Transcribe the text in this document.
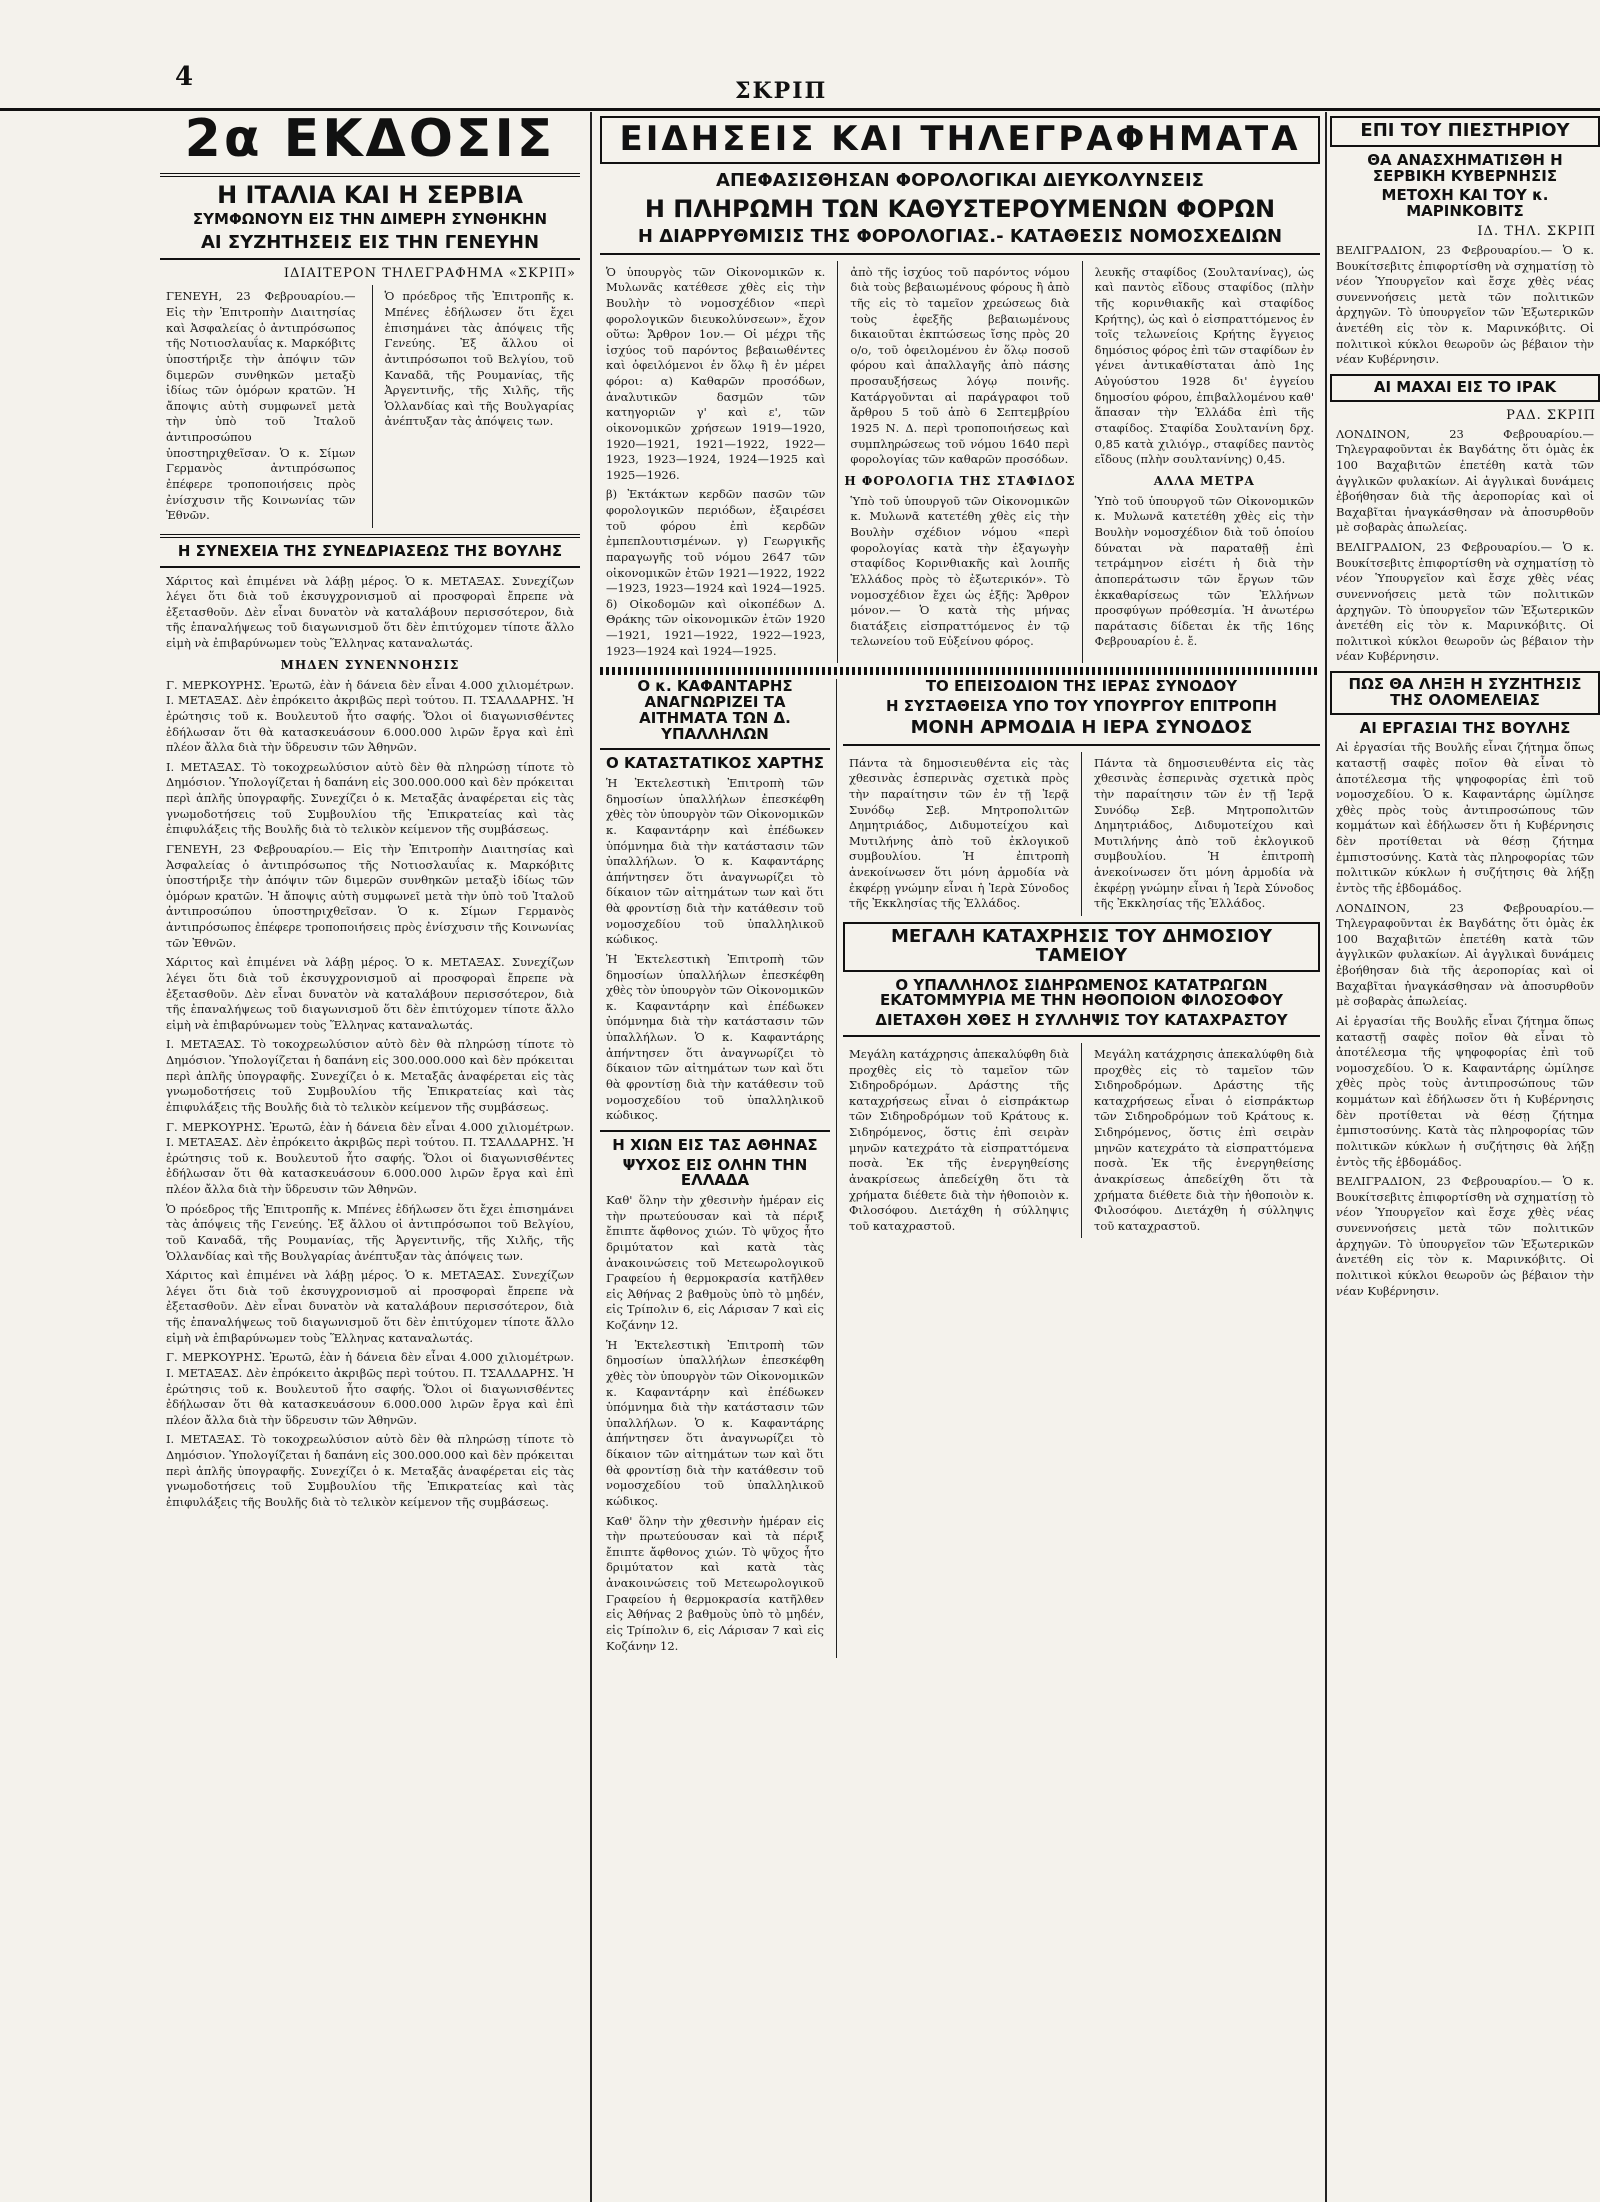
4	ΣΚΡΙΠ
2α ΕΚΔΟΣΙΣ
Η ΙΤΑΛΙΑ ΚΑΙ Η ΣΕΡΒΙΑ
ΣΥΜΦΩΝΟΥΝ ΕΙΣ ΤΗΝ ΔΙΜΕΡΗ ΣΥΝΘΗΚΗΝ
ΑΙ ΣΥΖΗΤΗΣΕΙΣ ΕΙΣ ΤΗΝ ΓΕΝΕΥΗΝ
ΙΔΙΑΙΤΕΡΟΝ ΤΗΛΕΓΡΑΦΗΜΑ «ΣΚΡΙΠ»

ΓΕΝΕΥΗ, 23 Φεβρουαρίου.— Εἰς τὴν Ἐπιτροπὴν Διαιτησίας καὶ Ἀσφαλείας ὁ ἀντιπρόσωπος τῆς Νοτιοσλαυΐας κ. Μαρκόβιτς ὑποστήριξε τὴν ἀπόψιν τῶν διμερῶν συνθηκῶν μεταξὺ ἰδίως τῶν ὁμόρων κρατῶν. Ἡ ἄποψις αὐτὴ συμφωνεῖ μετὰ τὴν ὑπὸ τοῦ Ἰταλοῦ ἀντιπροσώπου ὑποστηριχθεῖσαν. Ὁ κ. Σίμων Γερμανὸς ἀντιπρόσωπος ἐπέφερε τροποποιήσεις πρὸς ἐνίσχυσιν τῆς Κοινωνίας τῶν Ἐθνῶν.

Ὁ πρόεδρος τῆς Ἐπιτροπῆς κ. Μπένες ἐδήλωσεν ὅτι ἔχει ἐπισημάνει τὰς ἀπόψεις τῆς Γενεύης. Ἐξ ἄλλου οἱ ἀντιπρόσωποι τοῦ Βελγίου, τοῦ Καναδᾶ, τῆς Ρουμανίας, τῆς Ἀργεντινῆς, τῆς Χιλῆς, τῆς Ὁλλανδίας καὶ τῆς Βουλγαρίας ἀνέπτυξαν τὰς ἀπόψεις των.

Η ΣΥΝΕΧΕΙΑ ΤΗΣ ΣΥΝΕΔΡΙΑΣΕΩΣ ΤΗΣ ΒΟΥΛΗΣ

Χάριτος καὶ ἐπιμένει νὰ λάβῃ μέρος. Ὁ κ. ΜΕΤΑΞΑΣ. Συνεχίζων λέγει ὅτι διὰ τοῦ ἐκσυγχρονισμοῦ αἱ προσφοραὶ ἔπρεπε νὰ ἐξετασθοῦν. Δὲν εἶναι δυνατὸν νὰ καταλάβουν περισσότερον, διὰ τῆς ἐπαναλήψεως τοῦ διαγωνισμοῦ ὅτι δὲν ἐπιτύχομεν τίποτε ἄλλο εἰμὴ νὰ ἐπιβαρύνωμεν τοὺς Ἕλληνας καταναλωτάς.

ΜΗΔΕΝ ΣΥΝΕΝΝΟΗΣΙΣ

Γ. ΜΕΡΚΟΥΡΗΣ. Ἐρωτῶ, ἐὰν ἡ δάνεια δὲν εἶναι 4.000 χιλιομέτρων. Ι. ΜΕΤΑΞΑΣ. Δὲν ἐπρόκειτο ἀκριβῶς περὶ τούτου. Π. ΤΣΑΛΔΑΡΗΣ. Ἡ ἐρώτησις τοῦ κ. Βουλευτοῦ ἦτο σαφής. Ὅλοι οἱ διαγωνισθέντες ἐδήλωσαν ὅτι θὰ κατασκευάσουν 6.000.000 λιρῶν ἔργα καὶ ἐπὶ πλέον ἄλλα διὰ τὴν ὕδρευσιν τῶν Ἀθηνῶν.

Ι. ΜΕΤΑΞΑΣ. Τὸ τοκοχρεωλύσιον αὐτὸ δὲν θὰ πληρώσῃ τίποτε τὸ Δημόσιον. Ὑπολογίζεται ἡ δαπάνη εἰς 300.000.000 καὶ δὲν πρόκειται περὶ ἀπλῆς ὑπογραφῆς. Συνεχίζει ὁ κ. Μεταξᾶς ἀναφέρεται εἰς τὰς γνωμοδοτήσεις τοῦ Συμβουλίου τῆς Ἐπικρατείας καὶ τὰς ἐπιφυλάξεις τῆς Βουλῆς διὰ τὸ τελικὸν κείμενον τῆς συμβάσεως.

ΓΕΝΕΥΗ, 23 Φεβρουαρίου.— Εἰς τὴν Ἐπιτροπὴν Διαιτησίας καὶ Ἀσφαλείας ὁ ἀντιπρόσωπος τῆς Νοτιοσλαυΐας κ. Μαρκόβιτς ὑποστήριξε τὴν ἀπόψιν τῶν διμερῶν συνθηκῶν μεταξὺ ἰδίως τῶν ὁμόρων κρατῶν. Ἡ ἄποψις αὐτὴ συμφωνεῖ μετὰ τὴν ὑπὸ τοῦ Ἰταλοῦ ἀντιπροσώπου ὑποστηριχθεῖσαν. Ὁ κ. Σίμων Γερμανὸς ἀντιπρόσωπος ἐπέφερε τροποποιήσεις πρὸς ἐνίσχυσιν τῆς Κοινωνίας τῶν Ἐθνῶν.

Χάριτος καὶ ἐπιμένει νὰ λάβῃ μέρος. Ὁ κ. ΜΕΤΑΞΑΣ. Συνεχίζων λέγει ὅτι διὰ τοῦ ἐκσυγχρονισμοῦ αἱ προσφοραὶ ἔπρεπε νὰ ἐξετασθοῦν. Δὲν εἶναι δυνατὸν νὰ καταλάβουν περισσότερον, διὰ τῆς ἐπαναλήψεως τοῦ διαγωνισμοῦ ὅτι δὲν ἐπιτύχομεν τίποτε ἄλλο εἰμὴ νὰ ἐπιβαρύνωμεν τοὺς Ἕλληνας καταναλωτάς.

Ι. ΜΕΤΑΞΑΣ. Τὸ τοκοχρεωλύσιον αὐτὸ δὲν θὰ πληρώσῃ τίποτε τὸ Δημόσιον. Ὑπολογίζεται ἡ δαπάνη εἰς 300.000.000 καὶ δὲν πρόκειται περὶ ἀπλῆς ὑπογραφῆς. Συνεχίζει ὁ κ. Μεταξᾶς ἀναφέρεται εἰς τὰς γνωμοδοτήσεις τοῦ Συμβουλίου τῆς Ἐπικρατείας καὶ τὰς ἐπιφυλάξεις τῆς Βουλῆς διὰ τὸ τελικὸν κείμενον τῆς συμβάσεως.

Γ. ΜΕΡΚΟΥΡΗΣ. Ἐρωτῶ, ἐὰν ἡ δάνεια δὲν εἶναι 4.000 χιλιομέτρων. Ι. ΜΕΤΑΞΑΣ. Δὲν ἐπρόκειτο ἀκριβῶς περὶ τούτου. Π. ΤΣΑΛΔΑΡΗΣ. Ἡ ἐρώτησις τοῦ κ. Βουλευτοῦ ἦτο σαφής. Ὅλοι οἱ διαγωνισθέντες ἐδήλωσαν ὅτι θὰ κατασκευάσουν 6.000.000 λιρῶν ἔργα καὶ ἐπὶ πλέον ἄλλα διὰ τὴν ὕδρευσιν τῶν Ἀθηνῶν.

Ὁ πρόεδρος τῆς Ἐπιτροπῆς κ. Μπένες ἐδήλωσεν ὅτι ἔχει ἐπισημάνει τὰς ἀπόψεις τῆς Γενεύης. Ἐξ ἄλλου οἱ ἀντιπρόσωποι τοῦ Βελγίου, τοῦ Καναδᾶ, τῆς Ρουμανίας, τῆς Ἀργεντινῆς, τῆς Χιλῆς, τῆς Ὁλλανδίας καὶ τῆς Βουλγαρίας ἀνέπτυξαν τὰς ἀπόψεις των.

Χάριτος καὶ ἐπιμένει νὰ λάβῃ μέρος. Ὁ κ. ΜΕΤΑΞΑΣ. Συνεχίζων λέγει ὅτι διὰ τοῦ ἐκσυγχρονισμοῦ αἱ προσφοραὶ ἔπρεπε νὰ ἐξετασθοῦν. Δὲν εἶναι δυνατὸν νὰ καταλάβουν περισσότερον, διὰ τῆς ἐπαναλήψεως τοῦ διαγωνισμοῦ ὅτι δὲν ἐπιτύχομεν τίποτε ἄλλο εἰμὴ νὰ ἐπιβαρύνωμεν τοὺς Ἕλληνας καταναλωτάς.

Γ. ΜΕΡΚΟΥΡΗΣ. Ἐρωτῶ, ἐὰν ἡ δάνεια δὲν εἶναι 4.000 χιλιομέτρων. Ι. ΜΕΤΑΞΑΣ. Δὲν ἐπρόκειτο ἀκριβῶς περὶ τούτου. Π. ΤΣΑΛΔΑΡΗΣ. Ἡ ἐρώτησις τοῦ κ. Βουλευτοῦ ἦτο σαφής. Ὅλοι οἱ διαγωνισθέντες ἐδήλωσαν ὅτι θὰ κατασκευάσουν 6.000.000 λιρῶν ἔργα καὶ ἐπὶ πλέον ἄλλα διὰ τὴν ὕδρευσιν τῶν Ἀθηνῶν.

Ι. ΜΕΤΑΞΑΣ. Τὸ τοκοχρεωλύσιον αὐτὸ δὲν θὰ πληρώσῃ τίποτε τὸ Δημόσιον. Ὑπολογίζεται ἡ δαπάνη εἰς 300.000.000 καὶ δὲν πρόκειται περὶ ἀπλῆς ὑπογραφῆς. Συνεχίζει ὁ κ. Μεταξᾶς ἀναφέρεται εἰς τὰς γνωμοδοτήσεις τοῦ Συμβουλίου τῆς Ἐπικρατείας καὶ τὰς ἐπιφυλάξεις τῆς Βουλῆς διὰ τὸ τελικὸν κείμενον τῆς συμβάσεως.

ΕΙΔΗΣΕΙΣ ΚΑΙ ΤΗΛΕΓΡΑΦΗΜΑΤΑ
ΑΠΕΦΑΣΙΣΘΗΣΑΝ ΦΟΡΟΛΟΓΙΚΑΙ ΔΙΕΥΚΟΛΥΝΣΕΙΣ
Η ΠΛΗΡΩΜΗ ΤΩΝ ΚΑΘΥΣΤΕΡΟΥΜΕΝΩΝ ΦΟΡΩΝ
Η ΔΙΑΡΡΥΘΜΙΣΙΣ ΤΗΣ ΦΟΡΟΛΟΓΙΑΣ.- ΚΑΤΑΘΕΣΙΣ ΝΟΜΟΣΧΕΔΙΩΝ

Ὁ ὑπουργὸς τῶν Οἰκονομικῶν κ. Μυλωνᾶς κατέθεσε χθὲς εἰς τὴν Βουλὴν τὸ νομοσχέδιον «περὶ φορολογικῶν διευκολύνσεων», ἔχον οὕτω: Ἄρθρον 1ον.— Οἱ μέχρι τῆς ἰσχύος τοῦ παρόντος βεβαιωθέντες καὶ ὀφειλόμενοι ἐν ὅλῳ ἢ ἐν μέρει φόροι: α) Καθαρῶν προσόδων, ἀναλυτικῶν δασμῶν τῶν κατηγοριῶν γ' καὶ ε', τῶν οἰκονομικῶν χρήσεων 1919—1920, 1920—1921, 1921—1922, 1922—1923, 1923—1924, 1924—1925 καὶ 1925—1926.

β) Ἐκτάκτων κερδῶν πασῶν τῶν φορολογικῶν περιόδων, ἐξαιρέσει τοῦ φόρου ἐπὶ κερδῶν ἐμπεπλουτισμένων. γ) Γεωργικῆς παραγωγῆς τοῦ νόμου 2647 τῶν οἰκονομικῶν ἐτῶν 1921—1922, 1922—1923, 1923—1924 καὶ 1924—1925. δ) Οἰκοδομῶν καὶ οἰκοπέδων Δ. Θράκης τῶν οἰκονομικῶν ἐτῶν 1920—1921, 1921—1922, 1922—1923, 1923—1924 καὶ 1924—1925.

ἀπὸ τῆς ἰσχύος τοῦ παρόντος νόμου διὰ τοὺς βεβαιωμένους φόρους ἢ ἀπὸ τῆς εἰς τὸ ταμεῖον χρεώσεως διὰ τοὺς ἐφεξῆς βεβαιωμένους δικαιοῦται ἐκπτώσεως ἴσης πρὸς 20 ο/ο, τοῦ ὀφειλομένου ἐν ὅλῳ ποσοῦ φόρου καὶ ἀπαλλαγῆς ἀπὸ πάσης προσαυξήσεως λόγῳ ποινῆς. Κατάργοῦνται αἱ παράγραφοι τοῦ ἄρθρου 5 τοῦ ἀπὸ 6 Σεπτεμβρίου 1925 Ν. Δ. περὶ τροποποιήσεως καὶ συμπληρώσεως τοῦ νόμου 1640 περὶ φορολογίας τῶν καθαρῶν προσόδων.

Η ΦΟΡΟΛΟΓΙΑ ΤΗΣ ΣΤΑΦΙΔΟΣ

Ὑπὸ τοῦ ὑπουργοῦ τῶν Οἰκονομικῶν κ. Μυλωνᾶ κατετέθη χθὲς εἰς τὴν Βουλὴν σχέδιον νόμου «περὶ φορολογίας κατὰ τὴν ἐξαγωγὴν σταφίδος Κορινθιακῆς καὶ λοιπῆς Ἑλλάδος πρὸς τὸ ἐξωτερικόν». Τὸ νομοσχέδιον ἔχει ὡς ἑξῆς: Ἄρθρον μόνον.— Ὁ κατὰ τὴς μήνας διατάξεις εἰσπραττόμενος ἐν τῷ τελωνείου τοῦ Εὐξείνου φόρος.

λευκῆς σταφίδος (Σουλτανίνας), ὡς καὶ παντὸς εἴδους σταφίδος (πλὴν τῆς κορινθιακῆς καὶ σταφίδος Κρήτης), ὡς καὶ ὁ εἰσπραττόμενος ἐν τοῖς τελωνείοις Κρήτης ἔγγειος δημόσιος φόρος ἐπὶ τῶν σταφίδων ἐν γένει ἀντικαθίσταται ἀπὸ 1ης Αὐγούστου 1928 δι' ἐγγείου δημοσίου φόρου, ἐπιβαλλομένου καθ' ἅπασαν τὴν Ἑλλάδα ἐπὶ τῆς σταφίδος. Σταφίδα Σουλτανίνη δρχ. 0,85 κατὰ χιλιόγρ., σταφίδες παντὸς εἴδους (πλὴν σουλτανίνης) 0,45.

ΑΛΛΑ ΜΕΤΡΑ

Ὑπὸ τοῦ ὑπουργοῦ τῶν Οἰκονομικῶν κ. Μυλωνᾶ κατετέθη χθὲς εἰς τὴν Βουλὴν νομοσχέδιον διὰ τοῦ ὁποίου δύναται νὰ παραταθῇ ἐπὶ τετράμηνον εἰσέτι ἡ διὰ τὴν ἀποπεράτωσιν τῶν ἔργων τῶν ἐκκαθαρίσεως τῶν Ἑλλήνων προσφύγων πρόθεσμία. Ἡ ἀνωτέρω παράτασις δίδεται ἐκ τῆς 16ης Φεβρουαρίου ἐ. ἔ.

Ο κ. ΚΑΦΑΝΤΑΡΗΣ ΑΝΑΓΝΩΡΙΖΕΙ ΤΑ ΑΙΤΗΜΑΤΑ ΤΩΝ Δ. ΥΠΑΛΛΗΛΩΝ
Ο ΚΑΤΑΣΤΑΤΙΚΟΣ ΧΑΡΤΗΣ

Ἡ Ἐκτελεστικὴ Ἐπιτροπὴ τῶν δημοσίων ὑπαλλήλων ἐπεσκέφθη χθὲς τὸν ὑπουργὸν τῶν Οἰκονομικῶν κ. Καφαντάρην καὶ ἐπέδωκεν ὑπόμνημα διὰ τὴν κατάστασιν τῶν ὑπαλλήλων. Ὁ κ. Καφαντάρης ἀπήντησεν ὅτι ἀναγνωρίζει τὸ δίκαιον τῶν αἰτημάτων των καὶ ὅτι θὰ φροντίσῃ διὰ τὴν κατάθεσιν τοῦ νομοσχεδίου τοῦ ὑπαλληλικοῦ κώδικος.

Ἡ Ἐκτελεστικὴ Ἐπιτροπὴ τῶν δημοσίων ὑπαλλήλων ἐπεσκέφθη χθὲς τὸν ὑπουργὸν τῶν Οἰκονομικῶν κ. Καφαντάρην καὶ ἐπέδωκεν ὑπόμνημα διὰ τὴν κατάστασιν τῶν ὑπαλλήλων. Ὁ κ. Καφαντάρης ἀπήντησεν ὅτι ἀναγνωρίζει τὸ δίκαιον τῶν αἰτημάτων των καὶ ὅτι θὰ φροντίσῃ διὰ τὴν κατάθεσιν τοῦ νομοσχεδίου τοῦ ὑπαλληλικοῦ κώδικος.

Η ΧΙΩΝ ΕΙΣ ΤΑΣ ΑΘΗΝΑΣ
ΨΥΧΟΣ ΕΙΣ ΟΛΗΝ ΤΗΝ ΕΛΛΑΔΑ

Καθ' ὅλην τὴν χθεσινὴν ἡμέραν εἰς τὴν πρωτεύουσαν καὶ τὰ πέριξ ἔπιπτε ἄφθονος χιών. Τὸ ψῦχος ἦτο δριμύτατον καὶ κατὰ τὰς ἀνακοινώσεις τοῦ Μετεωρολογικοῦ Γραφείου ἡ θερμοκρασία κατῆλθεν εἰς Ἀθήνας 2 βαθμοὺς ὑπὸ τὸ μηδέν, εἰς Τρίπολιν 6, εἰς Λάρισαν 7 καὶ εἰς Κοζάνην 12.

Ἡ Ἐκτελεστικὴ Ἐπιτροπὴ τῶν δημοσίων ὑπαλλήλων ἐπεσκέφθη χθὲς τὸν ὑπουργὸν τῶν Οἰκονομικῶν κ. Καφαντάρην καὶ ἐπέδωκεν ὑπόμνημα διὰ τὴν κατάστασιν τῶν ὑπαλλήλων. Ὁ κ. Καφαντάρης ἀπήντησεν ὅτι ἀναγνωρίζει τὸ δίκαιον τῶν αἰτημάτων των καὶ ὅτι θὰ φροντίσῃ διὰ τὴν κατάθεσιν τοῦ νομοσχεδίου τοῦ ὑπαλληλικοῦ κώδικος.

Καθ' ὅλην τὴν χθεσινὴν ἡμέραν εἰς τὴν πρωτεύουσαν καὶ τὰ πέριξ ἔπιπτε ἄφθονος χιών. Τὸ ψῦχος ἦτο δριμύτατον καὶ κατὰ τὰς ἀνακοινώσεις τοῦ Μετεωρολογικοῦ Γραφείου ἡ θερμοκρασία κατῆλθεν εἰς Ἀθήνας 2 βαθμοὺς ὑπὸ τὸ μηδέν, εἰς Τρίπολιν 6, εἰς Λάρισαν 7 καὶ εἰς Κοζάνην 12.

ΤΟ ΕΠΕΙΣΟΔΙΟΝ ΤΗΣ ΙΕΡΑΣ ΣΥΝΟΔΟΥ
Η ΣΥΣΤΑΘΕΙΣΑ ΥΠΟ ΤΟΥ ΥΠΟΥΡΓΟΥ ΕΠΙΤΡΟΠΗ
ΜΟΝΗ ΑΡΜΟΔΙΑ Η ΙΕΡΑ ΣΥΝΟΔΟΣ

Πάντα τὰ δημοσιευθέντα εἰς τὰς χθεσινὰς ἑσπερινὰς σχετικὰ πρὸς τὴν παραίτησιν τῶν ἐν τῇ Ἱερᾷ Συνόδῳ Σεβ. Μητροπολιτῶν Δημητριάδος, Διδυμοτείχου καὶ Μυτιλήνης ἀπὸ τοῦ ἐκλογικοῦ συμβουλίου. Ἡ ἐπιτροπὴ ἀνεκοίνωσεν ὅτι μόνη ἁρμοδία νὰ ἐκφέρῃ γνώμην εἶναι ἡ Ἱερὰ Σύνοδος τῆς Ἐκκλησίας τῆς Ἑλλάδος.

Πάντα τὰ δημοσιευθέντα εἰς τὰς χθεσινὰς ἑσπερινὰς σχετικὰ πρὸς τὴν παραίτησιν τῶν ἐν τῇ Ἱερᾷ Συνόδῳ Σεβ. Μητροπολιτῶν Δημητριάδος, Διδυμοτείχου καὶ Μυτιλήνης ἀπὸ τοῦ ἐκλογικοῦ συμβουλίου. Ἡ ἐπιτροπὴ ἀνεκοίνωσεν ὅτι μόνη ἁρμοδία νὰ ἐκφέρῃ γνώμην εἶναι ἡ Ἱερὰ Σύνοδος τῆς Ἐκκλησίας τῆς Ἑλλάδος.

ΜΕΓΑΛΗ ΚΑΤΑΧΡΗΣΙΣ ΤΟΥ ΔΗΜΟΣΙΟΥ ΤΑΜΕΙΟΥ
Ο ΥΠΑΛΛΗΛΟΣ ΣΙΔΗΡΩΜΕΝΟΣ ΚΑΤΑΤΡΩΓΩΝ ΕΚΑΤΟΜΜΥΡΙΑ ΜΕ ΤΗΝ ΗΘΟΠΟΙΟΝ ΦΙΛΟΣΟΦΟΥ
ΔΙΕΤΑΧΘΗ ΧΘΕΣ Η ΣΥΛΛΗΨΙΣ ΤΟΥ ΚΑΤΑΧΡΑΣΤΟΥ

Μεγάλη κατάχρησις ἀπεκαλύφθη διὰ προχθὲς εἰς τὸ ταμεῖον τῶν Σιδηροδρόμων. Δράστης τῆς καταχρήσεως εἶναι ὁ εἰσπράκτωρ τῶν Σιδηροδρόμων τοῦ Κράτους κ. Σιδηρόμενος, ὅστις ἐπὶ σειρὰν μηνῶν κατεχράτο τὰ εἰσπραττόμενα ποσὰ. Ἐκ τῆς ἐνεργηθείσης ἀνακρίσεως ἀπεδείχθη ὅτι τὰ χρήματα διέθετε διὰ τὴν ἠθοποιὸν κ. Φιλοσόφου. Διετάχθη ἡ σύλληψις τοῦ καταχραστοῦ.

Μεγάλη κατάχρησις ἀπεκαλύφθη διὰ προχθὲς εἰς τὸ ταμεῖον τῶν Σιδηροδρόμων. Δράστης τῆς καταχρήσεως εἶναι ὁ εἰσπράκτωρ τῶν Σιδηροδρόμων τοῦ Κράτους κ. Σιδηρόμενος, ὅστις ἐπὶ σειρὰν μηνῶν κατεχράτο τὰ εἰσπραττόμενα ποσὰ. Ἐκ τῆς ἐνεργηθείσης ἀνακρίσεως ἀπεδείχθη ὅτι τὰ χρήματα διέθετε διὰ τὴν ἠθοποιὸν κ. Φιλοσόφου. Διετάχθη ἡ σύλληψις τοῦ καταχραστοῦ.

ΕΠΙ ΤΟΥ ΠΙΕΣΤΗΡΙΟΥ
ΘΑ ΑΝΑΣΧΗΜΑΤΙΣΘΗ Η ΣΕΡΒΙΚΗ ΚΥΒΕΡΝΗΣΙΣ
ΜΕΤΟΧΗ ΚΑΙ ΤΟΥ κ. ΜΑΡΙΝΚΟΒΙΤΣ
ΙΔ. ΤΗΛ. ΣΚΡΙΠ

ΒΕΛΙΓΡΑΔΙΟΝ, 23 Φεβρουαρίου.— Ὁ κ. Βουκίτσεβιτς ἐπιφορτίσθη νὰ σχηματίσῃ τὸ νέον Ὑπουργεῖον καὶ ἔσχε χθὲς νέας συνεννοήσεις μετὰ τῶν πολιτικῶν ἀρχηγῶν. Τὸ ὑπουργεῖον τῶν Ἐξωτερικῶν ἀνετέθη εἰς τὸν κ. Μαρινκόβιτς. Οἱ πολιτικοὶ κύκλοι θεωροῦν ὡς βέβαιον τὴν νέαν Κυβέρνησιν.

ΑΙ ΜΑΧΑΙ ΕΙΣ ΤΟ ΙΡΑΚ
ΡΑΔ. ΣΚΡΙΠ

ΛΟΝΔΙΝΟΝ, 23 Φεβρουαρίου.— Τηλεγραφοῦνται ἐκ Βαγδάτης ὅτι ὁμὰς ἐκ 100 Βαχαβιτῶν ἐπετέθη κατὰ τῶν ἀγγλικῶν φυλακίων. Αἱ ἀγγλικαὶ δυνάμεις ἐβοήθησαν διὰ τῆς ἀεροπορίας καὶ οἱ Βαχαβῖται ἠναγκάσθησαν νὰ ἀποσυρθοῦν μὲ σοβαρὰς ἀπωλείας.

ΒΕΛΙΓΡΑΔΙΟΝ, 23 Φεβρουαρίου.— Ὁ κ. Βουκίτσεβιτς ἐπιφορτίσθη νὰ σχηματίσῃ τὸ νέον Ὑπουργεῖον καὶ ἔσχε χθὲς νέας συνεννοήσεις μετὰ τῶν πολιτικῶν ἀρχηγῶν. Τὸ ὑπουργεῖον τῶν Ἐξωτερικῶν ἀνετέθη εἰς τὸν κ. Μαρινκόβιτς. Οἱ πολιτικοὶ κύκλοι θεωροῦν ὡς βέβαιον τὴν νέαν Κυβέρνησιν.

ΠΩΣ ΘΑ ΛΗΞΗ Η ΣΥΖΗΤΗΣΙΣ ΤΗΣ ΟΛΟΜΕΛΕΙΑΣ
ΑΙ ΕΡΓΑΣΙΑΙ ΤΗΣ ΒΟΥΛΗΣ

Αἱ ἐργασίαι τῆς Βουλῆς εἶναι ζήτημα ὅπως καταστῇ σαφὲς ποῖον θὰ εἶναι τὸ ἀποτέλεσμα τῆς ψηφοφορίας ἐπὶ τοῦ νομοσχεδίου. Ὁ κ. Καφαντάρης ὡμίλησε χθὲς πρὸς τοὺς ἀντιπροσώπους τῶν κομμάτων καὶ ἐδήλωσεν ὅτι ἡ Κυβέρνησις δὲν προτίθεται νὰ θέσῃ ζήτημα ἐμπιστοσύνης. Κατὰ τὰς πληροφορίας τῶν πολιτικῶν κύκλων ἡ συζήτησις θὰ λήξῃ ἐντὸς τῆς ἑβδομάδος.

ΛΟΝΔΙΝΟΝ, 23 Φεβρουαρίου.— Τηλεγραφοῦνται ἐκ Βαγδάτης ὅτι ὁμὰς ἐκ 100 Βαχαβιτῶν ἐπετέθη κατὰ τῶν ἀγγλικῶν φυλακίων. Αἱ ἀγγλικαὶ δυνάμεις ἐβοήθησαν διὰ τῆς ἀεροπορίας καὶ οἱ Βαχαβῖται ἠναγκάσθησαν νὰ ἀποσυρθοῦν μὲ σοβαρὰς ἀπωλείας.

Αἱ ἐργασίαι τῆς Βουλῆς εἶναι ζήτημα ὅπως καταστῇ σαφὲς ποῖον θὰ εἶναι τὸ ἀποτέλεσμα τῆς ψηφοφορίας ἐπὶ τοῦ νομοσχεδίου. Ὁ κ. Καφαντάρης ὡμίλησε χθὲς πρὸς τοὺς ἀντιπροσώπους τῶν κομμάτων καὶ ἐδήλωσεν ὅτι ἡ Κυβέρνησις δὲν προτίθεται νὰ θέσῃ ζήτημα ἐμπιστοσύνης. Κατὰ τὰς πληροφορίας τῶν πολιτικῶν κύκλων ἡ συζήτησις θὰ λήξῃ ἐντὸς τῆς ἑβδομάδος.

ΒΕΛΙΓΡΑΔΙΟΝ, 23 Φεβρουαρίου.— Ὁ κ. Βουκίτσεβιτς ἐπιφορτίσθη νὰ σχηματίσῃ τὸ νέον Ὑπουργεῖον καὶ ἔσχε χθὲς νέας συνεννοήσεις μετὰ τῶν πολιτικῶν ἀρχηγῶν. Τὸ ὑπουργεῖον τῶν Ἐξωτερικῶν ἀνετέθη εἰς τὸν κ. Μαρινκόβιτς. Οἱ πολιτικοὶ κύκλοι θεωροῦν ὡς βέβαιον τὴν νέαν Κυβέρνησιν.
